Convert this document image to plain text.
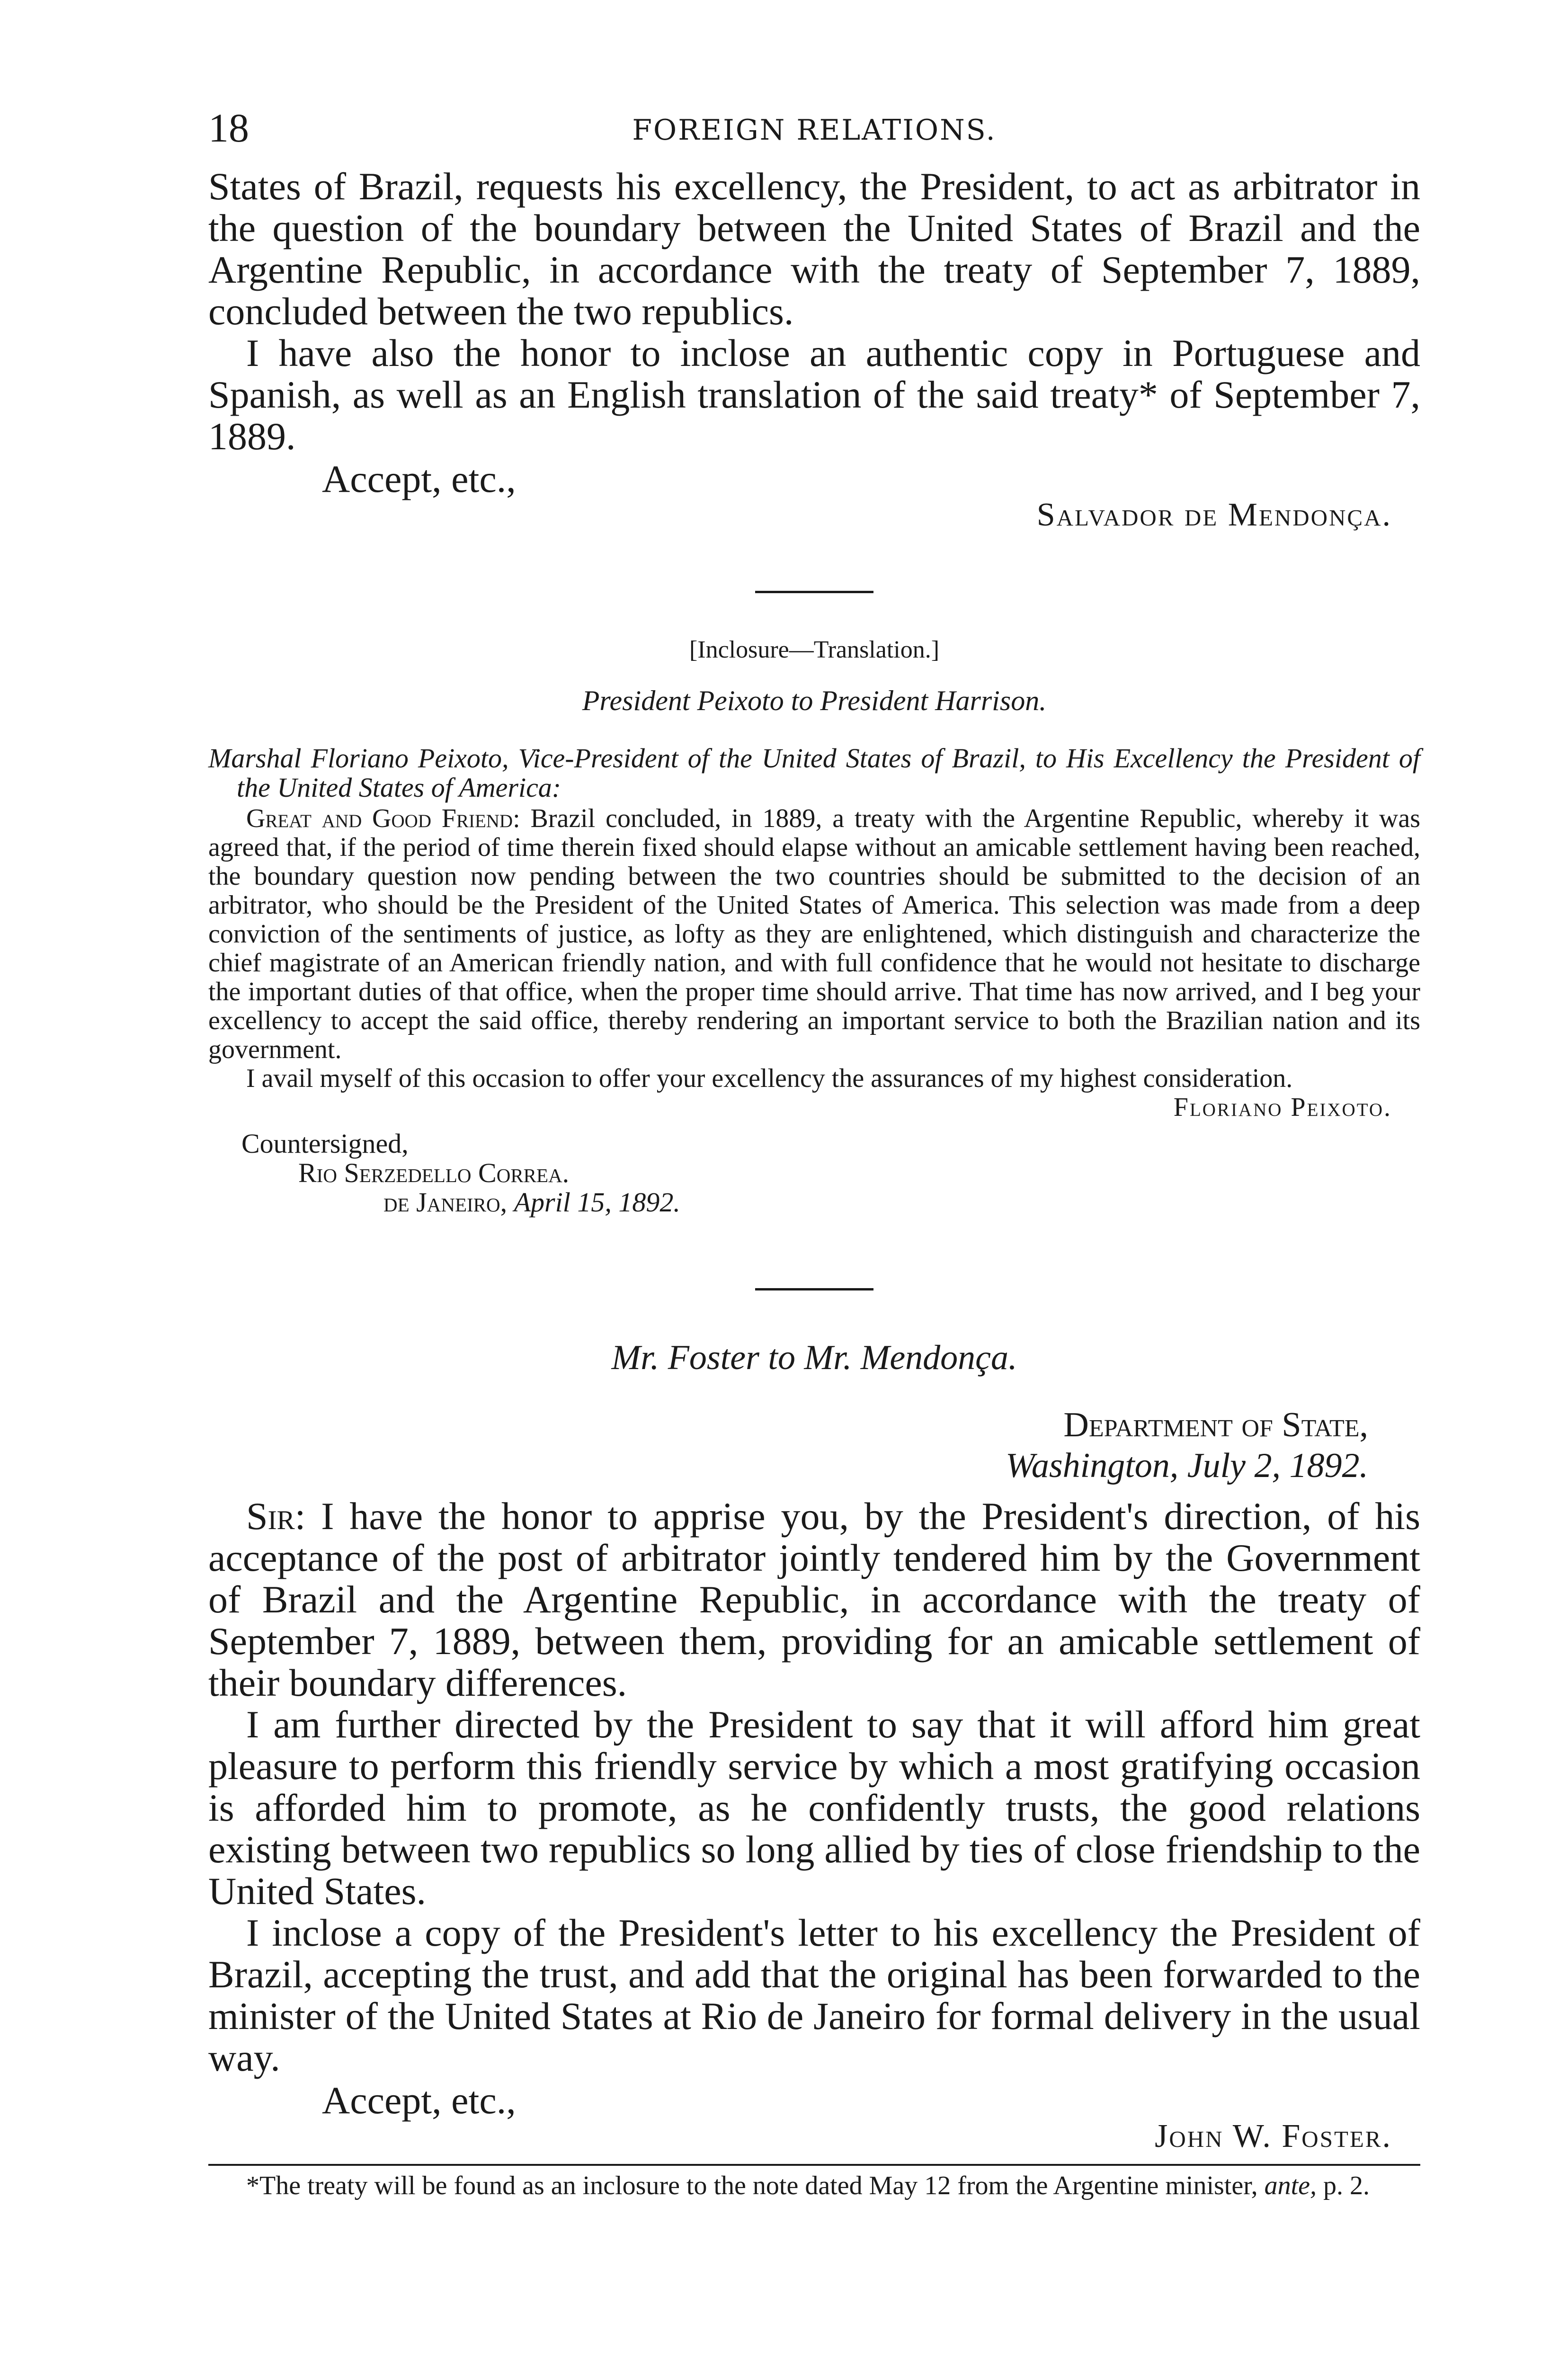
18	FOREIGN RELATIONS.

States of Brazil, requests his excellency, the President, to act as arbitrator in the question of the boundary between the United States of Brazil and the Argentine Republic, in accordance with the treaty of September 7, 1889, concluded between the two republics.

I have also the honor to inclose an authentic copy in Portuguese and Spanish, as well as an English translation of the said treaty* of September 7, 1889.

Accept, etc.,

Salvador de Mendonça.
[Inclosure—Translation.]
President Peixoto to President Harrison.
Marshal Floriano Peixoto, Vice-President of the United States of Brazil, to His Excellency the President of the United States of America:

Great and Good Friend: Brazil concluded, in 1889, a treaty with the Argentine Republic, whereby it was agreed that, if the period of time therein fixed should elapse without an amicable settlement having been reached, the boundary question now pending between the two countries should be submitted to the decision of an arbitrator, who should be the President of the United States of America. This selection was made from a deep conviction of the sentiments of justice, as lofty as they are enlightened, which distinguish and characterize the chief magistrate of an American friendly nation, and with full confidence that he would not hesitate to discharge the important duties of that office, when the proper time should arrive. That time has now arrived, and I beg your excellency to accept the said office, thereby rendering an important service to both the Brazilian nation and its government.

I avail myself of this occasion to offer your excellency the assurances of my highest consideration.

Floriano Peixoto.
Countersigned,
Rio Serzedello Correa.
de Janeiro, April 15, 1892.
Mr. Foster to Mr. Mendonça.
Department of State,
Washington, July 2, 1892.

Sir: I have the honor to apprise you, by the President's direction, of his acceptance of the post of arbitrator jointly tendered him by the Government of Brazil and the Argentine Republic, in accordance with the treaty of September 7, 1889, between them, providing for an amicable settlement of their boundary differences.

I am further directed by the President to say that it will afford him great pleasure to perform this friendly service by which a most gratifying occasion is afforded him to promote, as he confidently trusts, the good relations existing between two republics so long allied by ties of close friendship to the United States.

I inclose a copy of the President's letter to his excellency the President of Brazil, accepting the trust, and add that the original has been forwarded to the minister of the United States at Rio de Janeiro for formal delivery in the usual way.

Accept, etc.,

John W. Foster.
*The treaty will be found as an inclosure to the note dated May 12 from the Argentine minister, ante, p. 2.
